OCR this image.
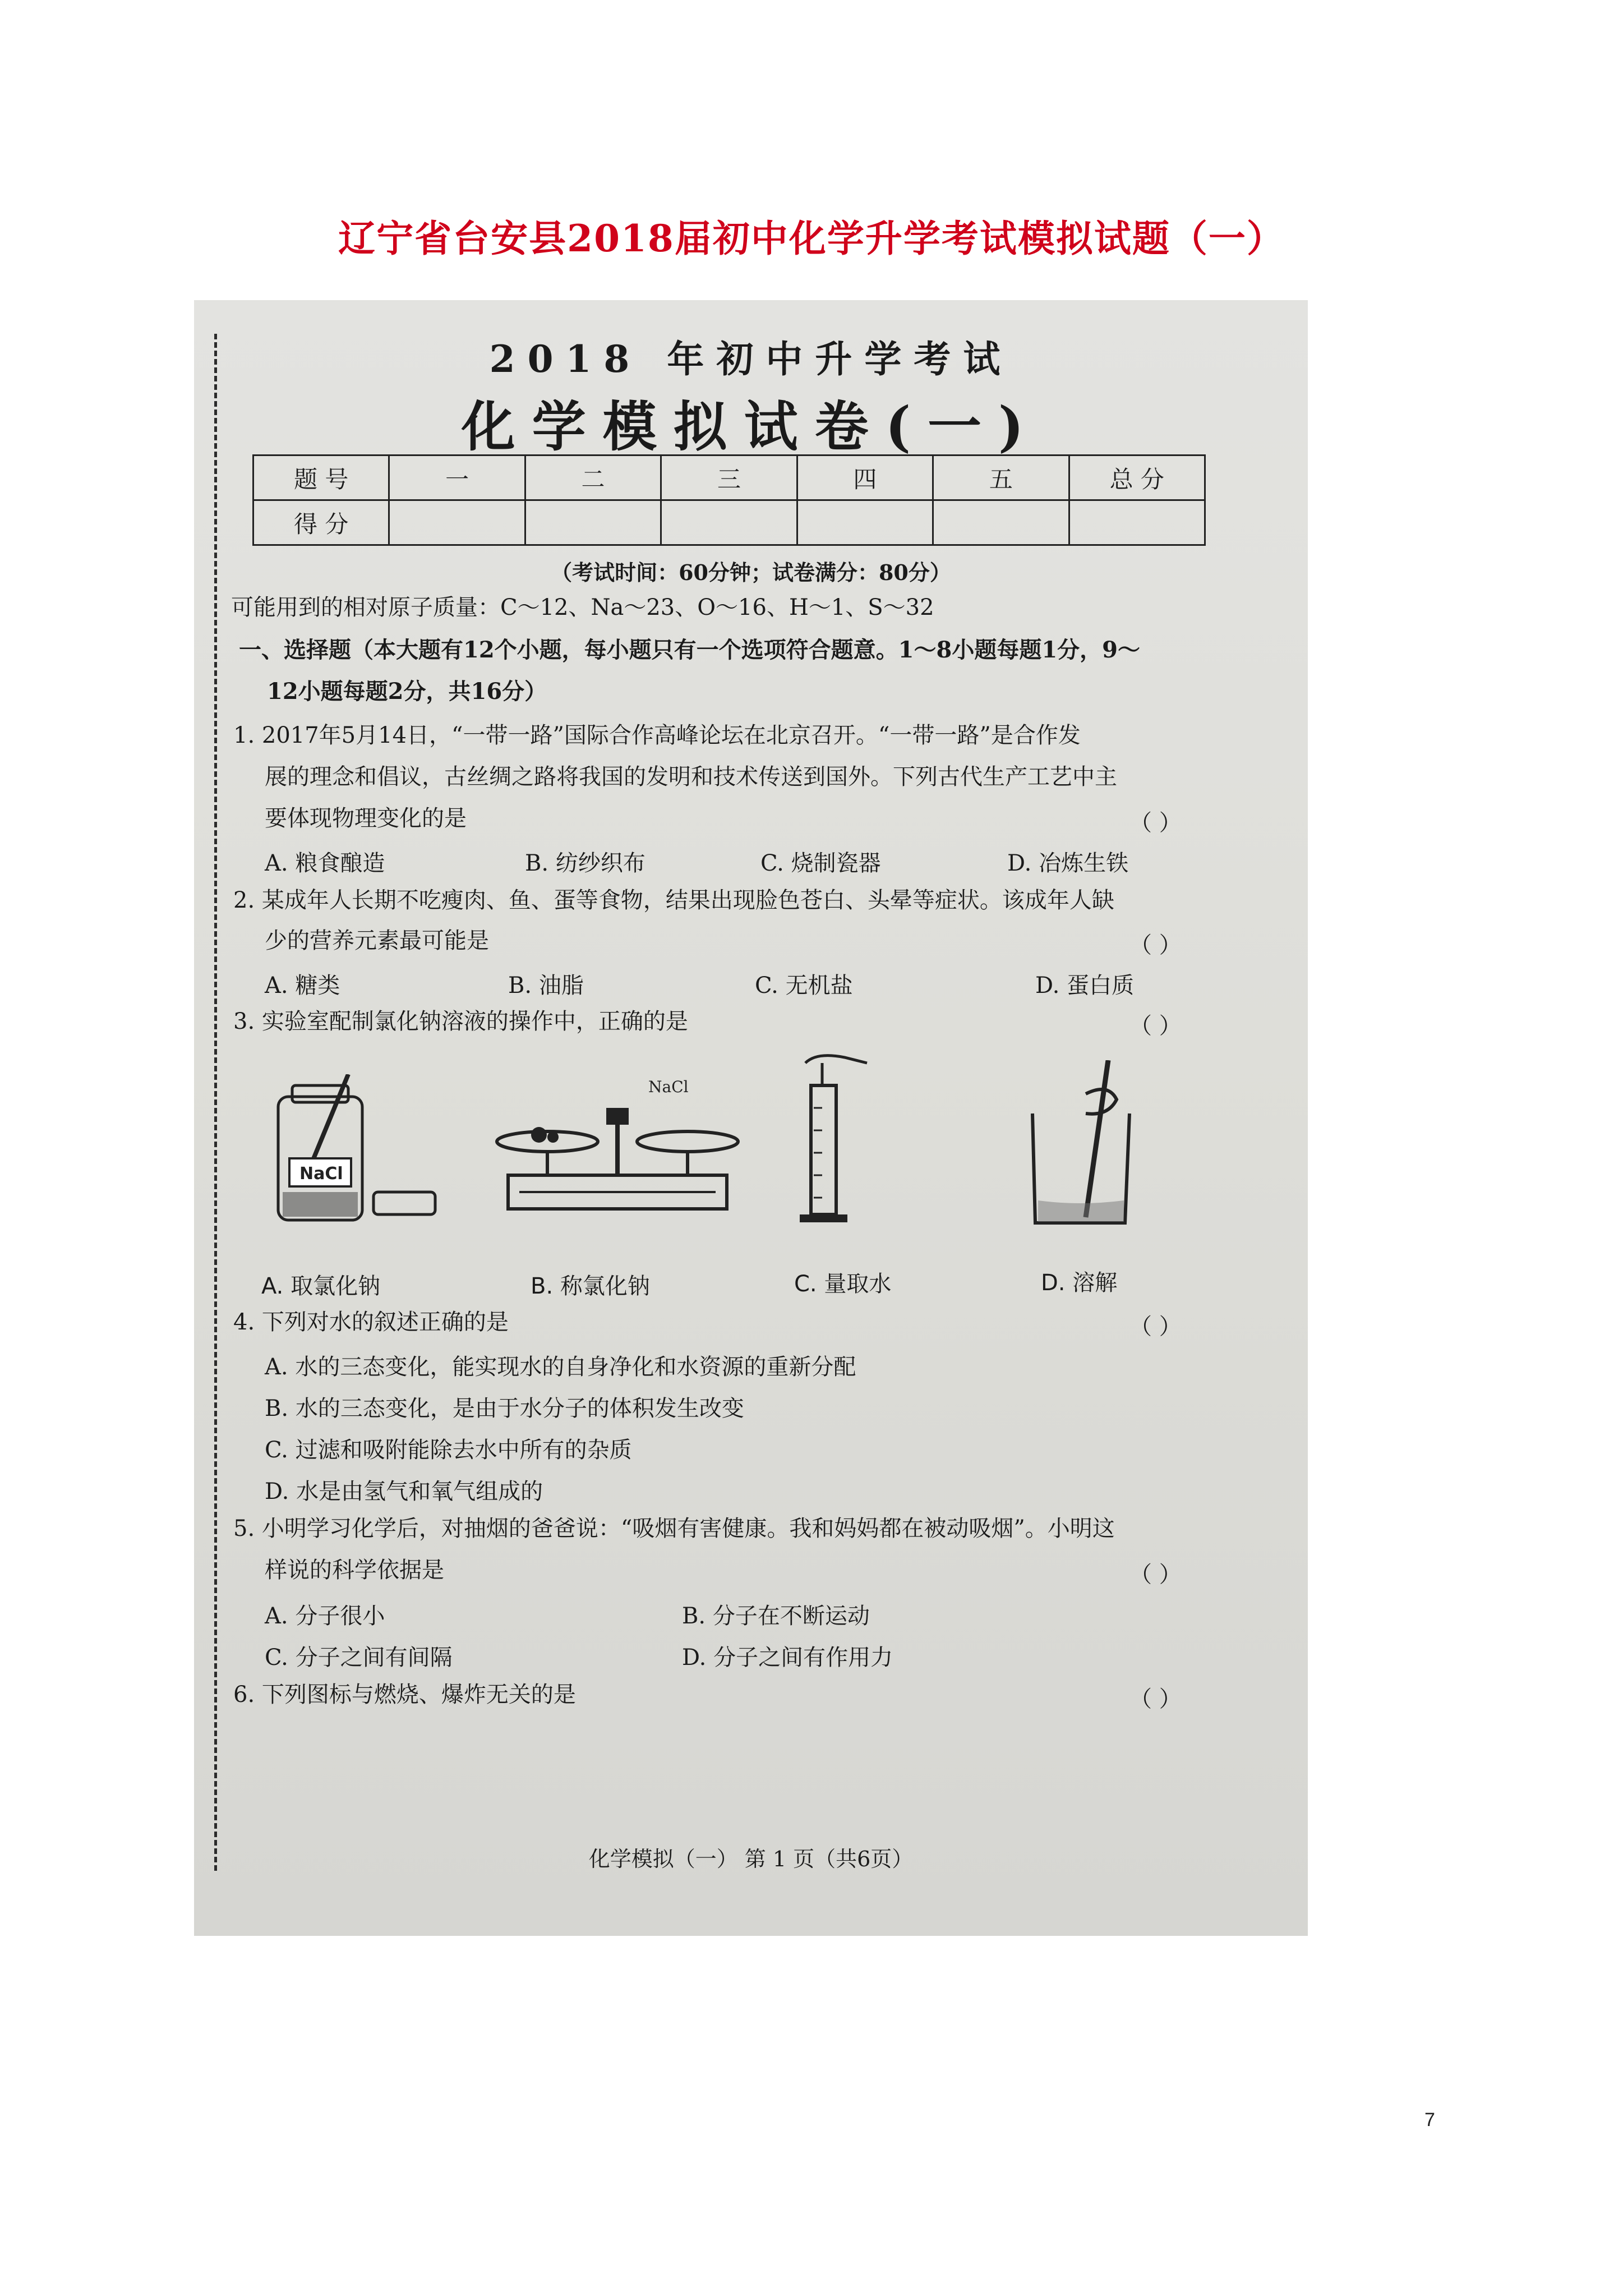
辽宁省台安县2018届初中化学升学考试模拟试题（一）
2018 年初中升学考试
化学模拟试卷(一)
题 号	一	二	三	四	五	总 分
得 分						
（考试时间：60分钟；试卷满分：80分）
可能用到的相对原子质量：C～12、Na～23、O～16、H～1、S～32
一、选择题（本大题有12个小题，每小题只有一个选项符合题意。1～8小题每题1分，9～
12小题每题2分，共16分）
1. 2017年5月14日，“一带一路”国际合作高峰论坛在北京召开。“一带一路”是合作发
展的理念和倡议，古丝绸之路将我国的发明和技术传送到国外。下列古代生产工艺中主
要体现物理变化的是	（ ）
A. 粮食酿造	B. 纺纱织布	C. 烧制瓷器	D. 冶炼生铁
2. 某成年人长期不吃瘦肉、鱼、蛋等食物，结果出现脸色苍白、头晕等症状。该成年人缺
少的营养元素最可能是	（ ）
A. 糖类	B. 油脂	C. 无机盐	D. 蛋白质
3. 实验室配制氯化钠溶液的操作中，正确的是	（ ）
NaCl
NaCl
A. 取氯化钠	B. 称氯化钠	C. 量取水	D. 溶解
4. 下列对水的叙述正确的是	（ ）
A. 水的三态变化，能实现水的自身净化和水资源的重新分配
B. 水的三态变化，是由于水分子的体积发生改变
C. 过滤和吸附能除去水中所有的杂质
D. 水是由氢气和氧气组成的
5. 小明学习化学后，对抽烟的爸爸说：“吸烟有害健康。我和妈妈都在被动吸烟”。小明这
样说的科学依据是	（ ）
A. 分子很小	B. 分子在不断运动
C. 分子之间有间隔	D. 分子之间有作用力
6. 下列图标与燃烧、爆炸无关的是	（ ）
化学模拟（一） 第 1 页（共6页）
7
